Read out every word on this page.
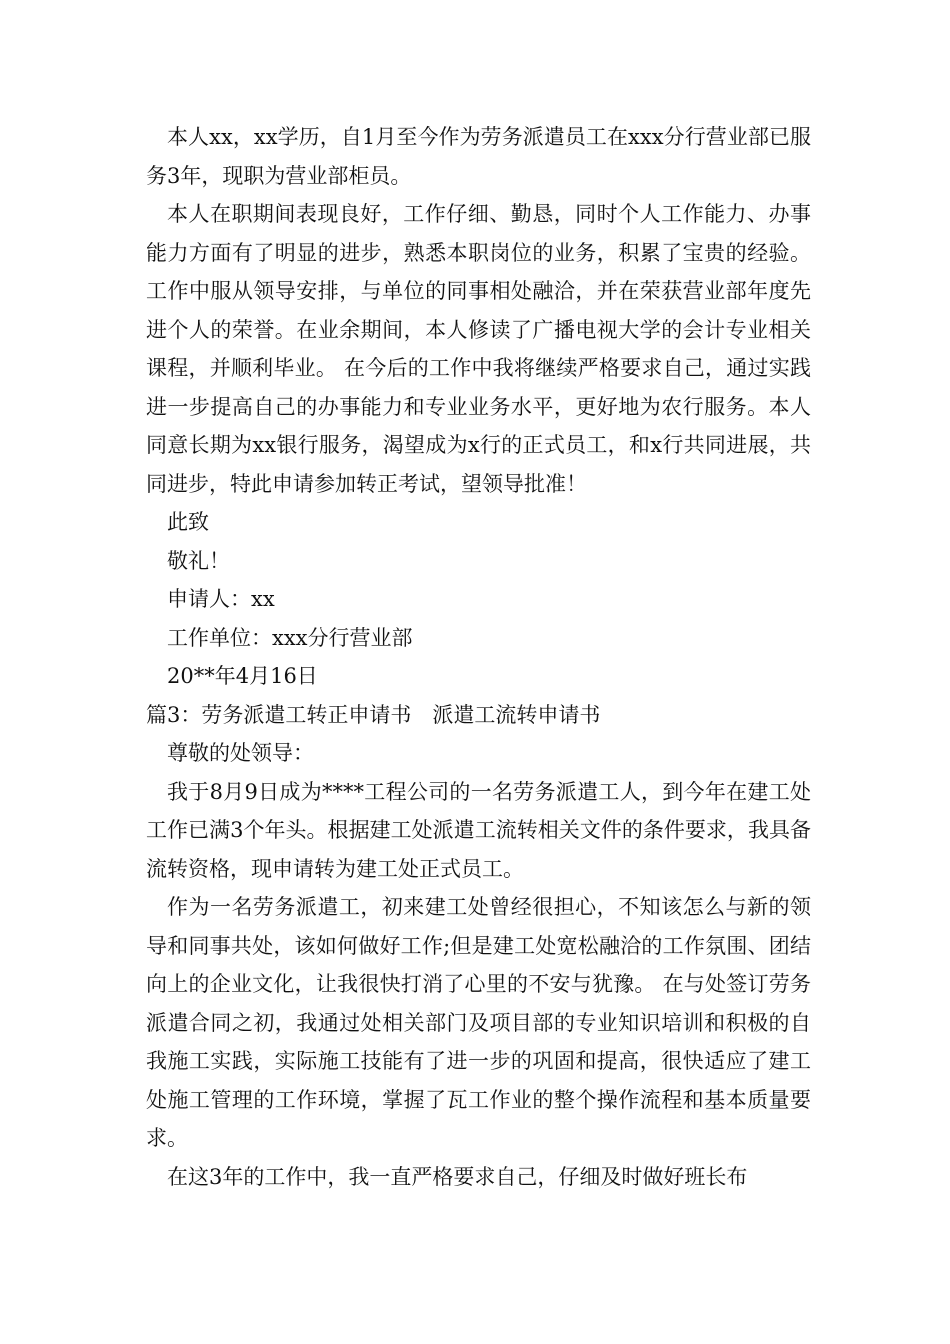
本人xx，xx学历，自1月至今作为劳务派遣员工在xxx分行营业部已服务3年，现职为营业部柜员。

本人在职期间表现良好，工作仔细、勤恳，同时个人工作能力、办事能力方面有了明显的进步，熟悉本职岗位的业务，积累了宝贵的经验。工作中服从领导安排，与单位的同事相处融洽，并在荣获营业部年度先进个人的荣誉。在业余期间，本人修读了广播电视大学的会计专业相关课程，并顺利毕业。 在今后的工作中我将继续严格要求自己，通过实践进一步提高自己的办事能力和专业业务水平，更好地为农行服务。本人同意长期为xx银行服务，渴望成为x行的正式员工，和x行共同进展，共同进步，特此申请参加转正考试，望领导批准！

此致

敬礼！

申请人：xx

工作单位：xxx分行营业部

20**年4月16日

篇3：劳务派遣工转正申请书　派遣工流转申请书

尊敬的处领导：

我于8月9日成为****工程公司的一名劳务派遣工人，到今年在建工处工作已满3个年头。根据建工处派遣工流转相关文件的条件要求，我具备流转资格，现申请转为建工处正式员工。

作为一名劳务派遣工，初来建工处曾经很担心，不知该怎么与新的领导和同事共处，该如何做好工作;但是建工处宽松融洽的工作氛围、团结向上的企业文化，让我很快打消了心里的不安与犹豫。 在与处签订劳务派遣合同之初，我通过处相关部门及项目部的专业知识培训和积极的自我施工实践，实际施工技能有了进一步的巩固和提高，很快适应了建工处施工管理的工作环境，掌握了瓦工作业的整个操作流程和基本质量要求。

在这3年的工作中，我一直严格要求自己，仔细及时做好班长布
